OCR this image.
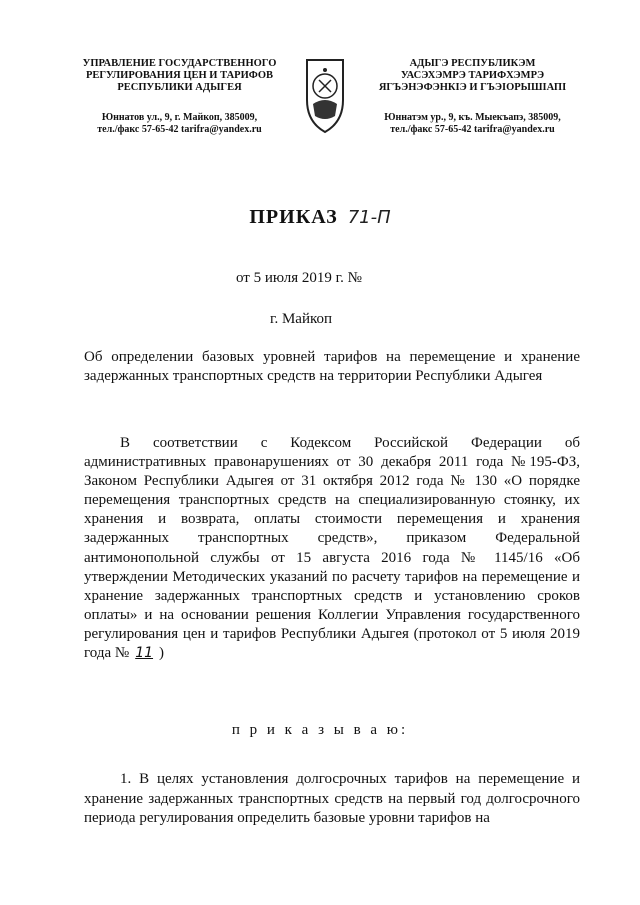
УПРАВЛЕНИЕ ГОСУДАРСТВЕННОГО
РЕГУЛИРОВАНИЯ ЦЕН И ТАРИФОВ
РЕСПУБЛИКИ АДЫГЕЯ
Юннатов ул., 9, г. Майкоп, 385009,
тел./факс 57-65-42 tarifra@yandex.ru
АДЫГЭ РЕСПУБЛИКЭМ
УАСЭХЭМРЭ ТАРИФХЭМРЭ
ЯГЪЭНЭФЭНКIЭ И ГЪЭIОРЫШIАПI
Юннатэм ур., 9, къ. Мыекъапэ, 385009,
тел./факс 57-65-42 tarifra@yandex.ru
ПРИКАЗ 71-П
от 5 июля 2019 г. №
г. Майкоп
Об определении базовых уровней тарифов на перемещение и хранение задержанных транспортных средств на территории Республики Адыгея
В соответствии с Кодексом Российской Федерации об административных правонарушениях от 30 декабря 2011 года №195-ФЗ, Законом Республики Адыгея от 31 октября 2012 года № 130 «О порядке перемещения транспортных средств на специализированную стоянку, их хранения и возврата, оплаты стоимости перемещения и хранения задержанных транспортных средств», приказом Федеральной антимонопольной службы от 15 августа 2016 года № 1145/16 «Об утверждении Методических указаний по расчету тарифов на перемещение и хранение задержанных транспортных средств и установлению сроков оплаты» и на основании решения Коллегии Управления государственного регулирования цен и тарифов Республики Адыгея (протокол от 5 июля 2019 года № 11 )
п р и к а з ы в а ю:
1. В целях установления долгосрочных тарифов на перемещение и хранение задержанных транспортных средств на первый год долгосрочного периода регулирования определить базовые уровни тарифов на
